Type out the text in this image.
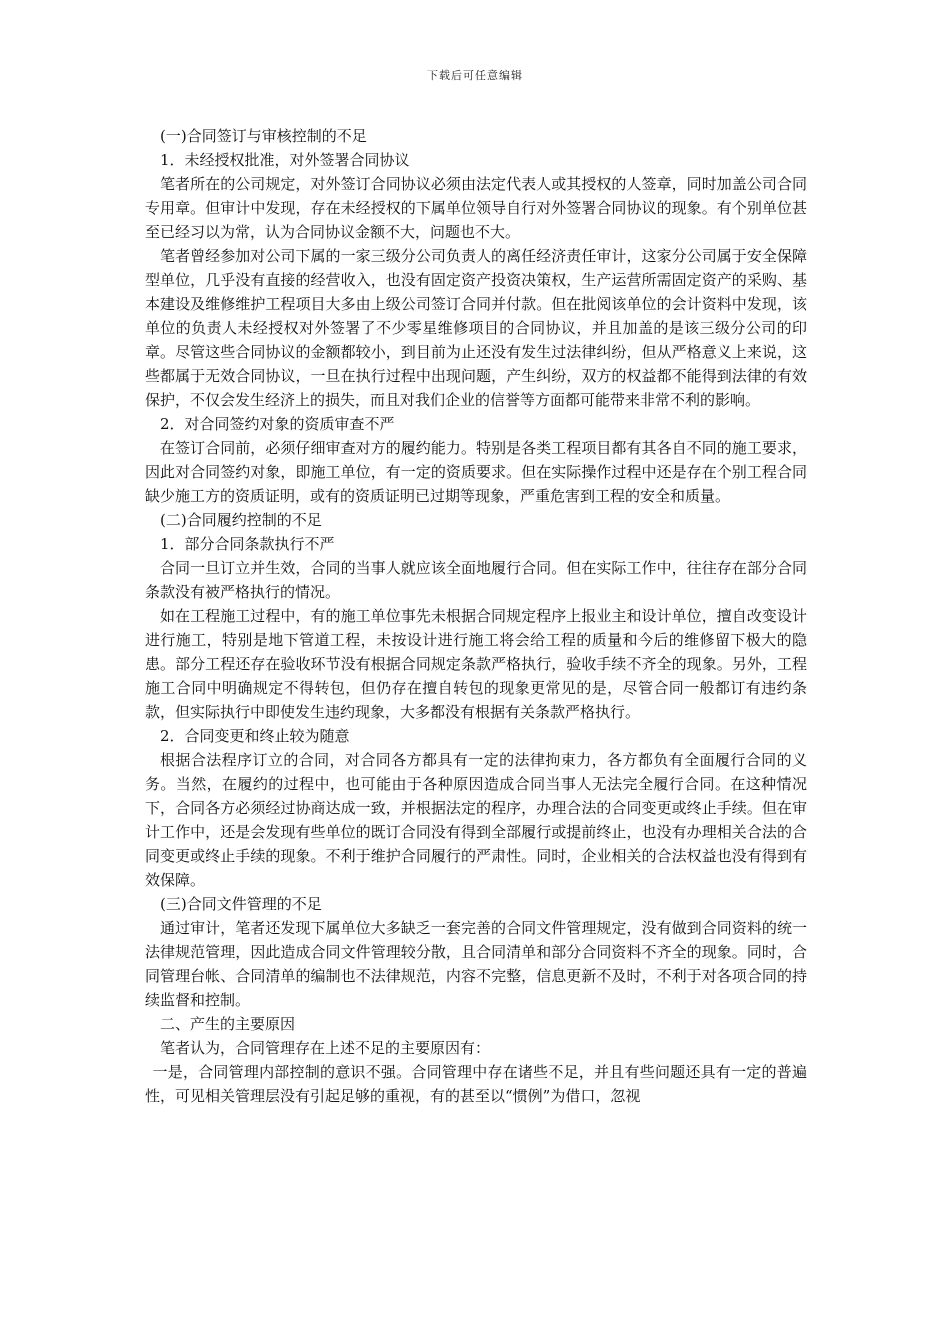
下载后可任意编辑

(一)合同签订与审核控制的不足

1．未经授权批准，对外签署合同协议

笔者所在的公司规定，对外签订合同协议必须由法定代表人或其授权的人签章，同时加盖公司合同专用章。但审计中发现，存在未经授权的下属单位领导自行对外签署合同协议的现象。有个别单位甚至已经习以为常，认为合同协议金额不大，问题也不大。

笔者曾经参加对公司下属的一家三级分公司负责人的离任经济责任审计，这家分公司属于安全保障型单位，几乎没有直接的经营收入，也没有固定资产投资决策权，生产运营所需固定资产的采购、基本建设及维修维护工程项目大多由上级公司签订合同并付款。但在批阅该单位的会计资料中发现，该单位的负责人未经授权对外签署了不少零星维修项目的合同协议，并且加盖的是该三级分公司的印章。尽管这些合同协议的金额都较小，到目前为止还没有发生过法律纠纷，但从严格意义上来说，这些都属于无效合同协议，一旦在执行过程中出现问题，产生纠纷，双方的权益都不能得到法律的有效保护，不仅会发生经济上的损失，而且对我们企业的信誉等方面都可能带来非常不利的影响。

2．对合同签约对象的资质审查不严

在签订合同前，必须仔细审查对方的履约能力。特别是各类工程项目都有其各自不同的施工要求，因此对合同签约对象，即施工单位，有一定的资质要求。但在实际操作过程中还是存在个别工程合同缺少施工方的资质证明，或有的资质证明已过期等现象，严重危害到工程的安全和质量。

(二)合同履约控制的不足

1．部分合同条款执行不严

合同一旦订立并生效，合同的当事人就应该全面地履行合同。但在实际工作中，往往存在部分合同条款没有被严格执行的情况。

如在工程施工过程中，有的施工单位事先未根据合同规定程序上报业主和设计单位，擅自改变设计进行施工，特别是地下管道工程，未按设计进行施工将会给工程的质量和今后的维修留下极大的隐患。部分工程还存在验收环节没有根据合同规定条款严格执行，验收手续不齐全的现象。另外，工程施工合同中明确规定不得转包，但仍存在擅自转包的现象更常见的是，尽管合同一般都订有违约条款，但实际执行中即使发生违约现象，大多都没有根据有关条款严格执行。

2．合同变更和终止较为随意

根据合法程序订立的合同，对合同各方都具有一定的法律拘束力，各方都负有全面履行合同的义务。当然，在履约的过程中，也可能由于各种原因造成合同当事人无法完全履行合同。在这种情况下，合同各方必须经过协商达成一致，并根据法定的程序，办理合法的合同变更或终止手续。但在审计工作中，还是会发现有些单位的既订合同没有得到全部履行或提前终止，也没有办理相关合法的合同变更或终止手续的现象。不利于维护合同履行的严肃性。同时，企业相关的合法权益也没有得到有效保障。

(三)合同文件管理的不足

通过审计，笔者还发现下属单位大多缺乏一套完善的合同文件管理规定，没有做到合同资料的统一法律规范管理，因此造成合同文件管理较分散，且合同清单和部分合同资料不齐全的现象。同时，合同管理台帐、合同清单的编制也不法律规范，内容不完整，信息更新不及时，不利于对各项合同的持续监督和控制。

二、产生的主要原因

笔者认为，合同管理存在上述不足的主要原因有：

一是，合同管理内部控制的意识不强。合同管理中存在诸些不足，并且有些问题还具有一定的普遍性，可见相关管理层没有引起足够的重视，有的甚至以“惯例”为借口，忽视
